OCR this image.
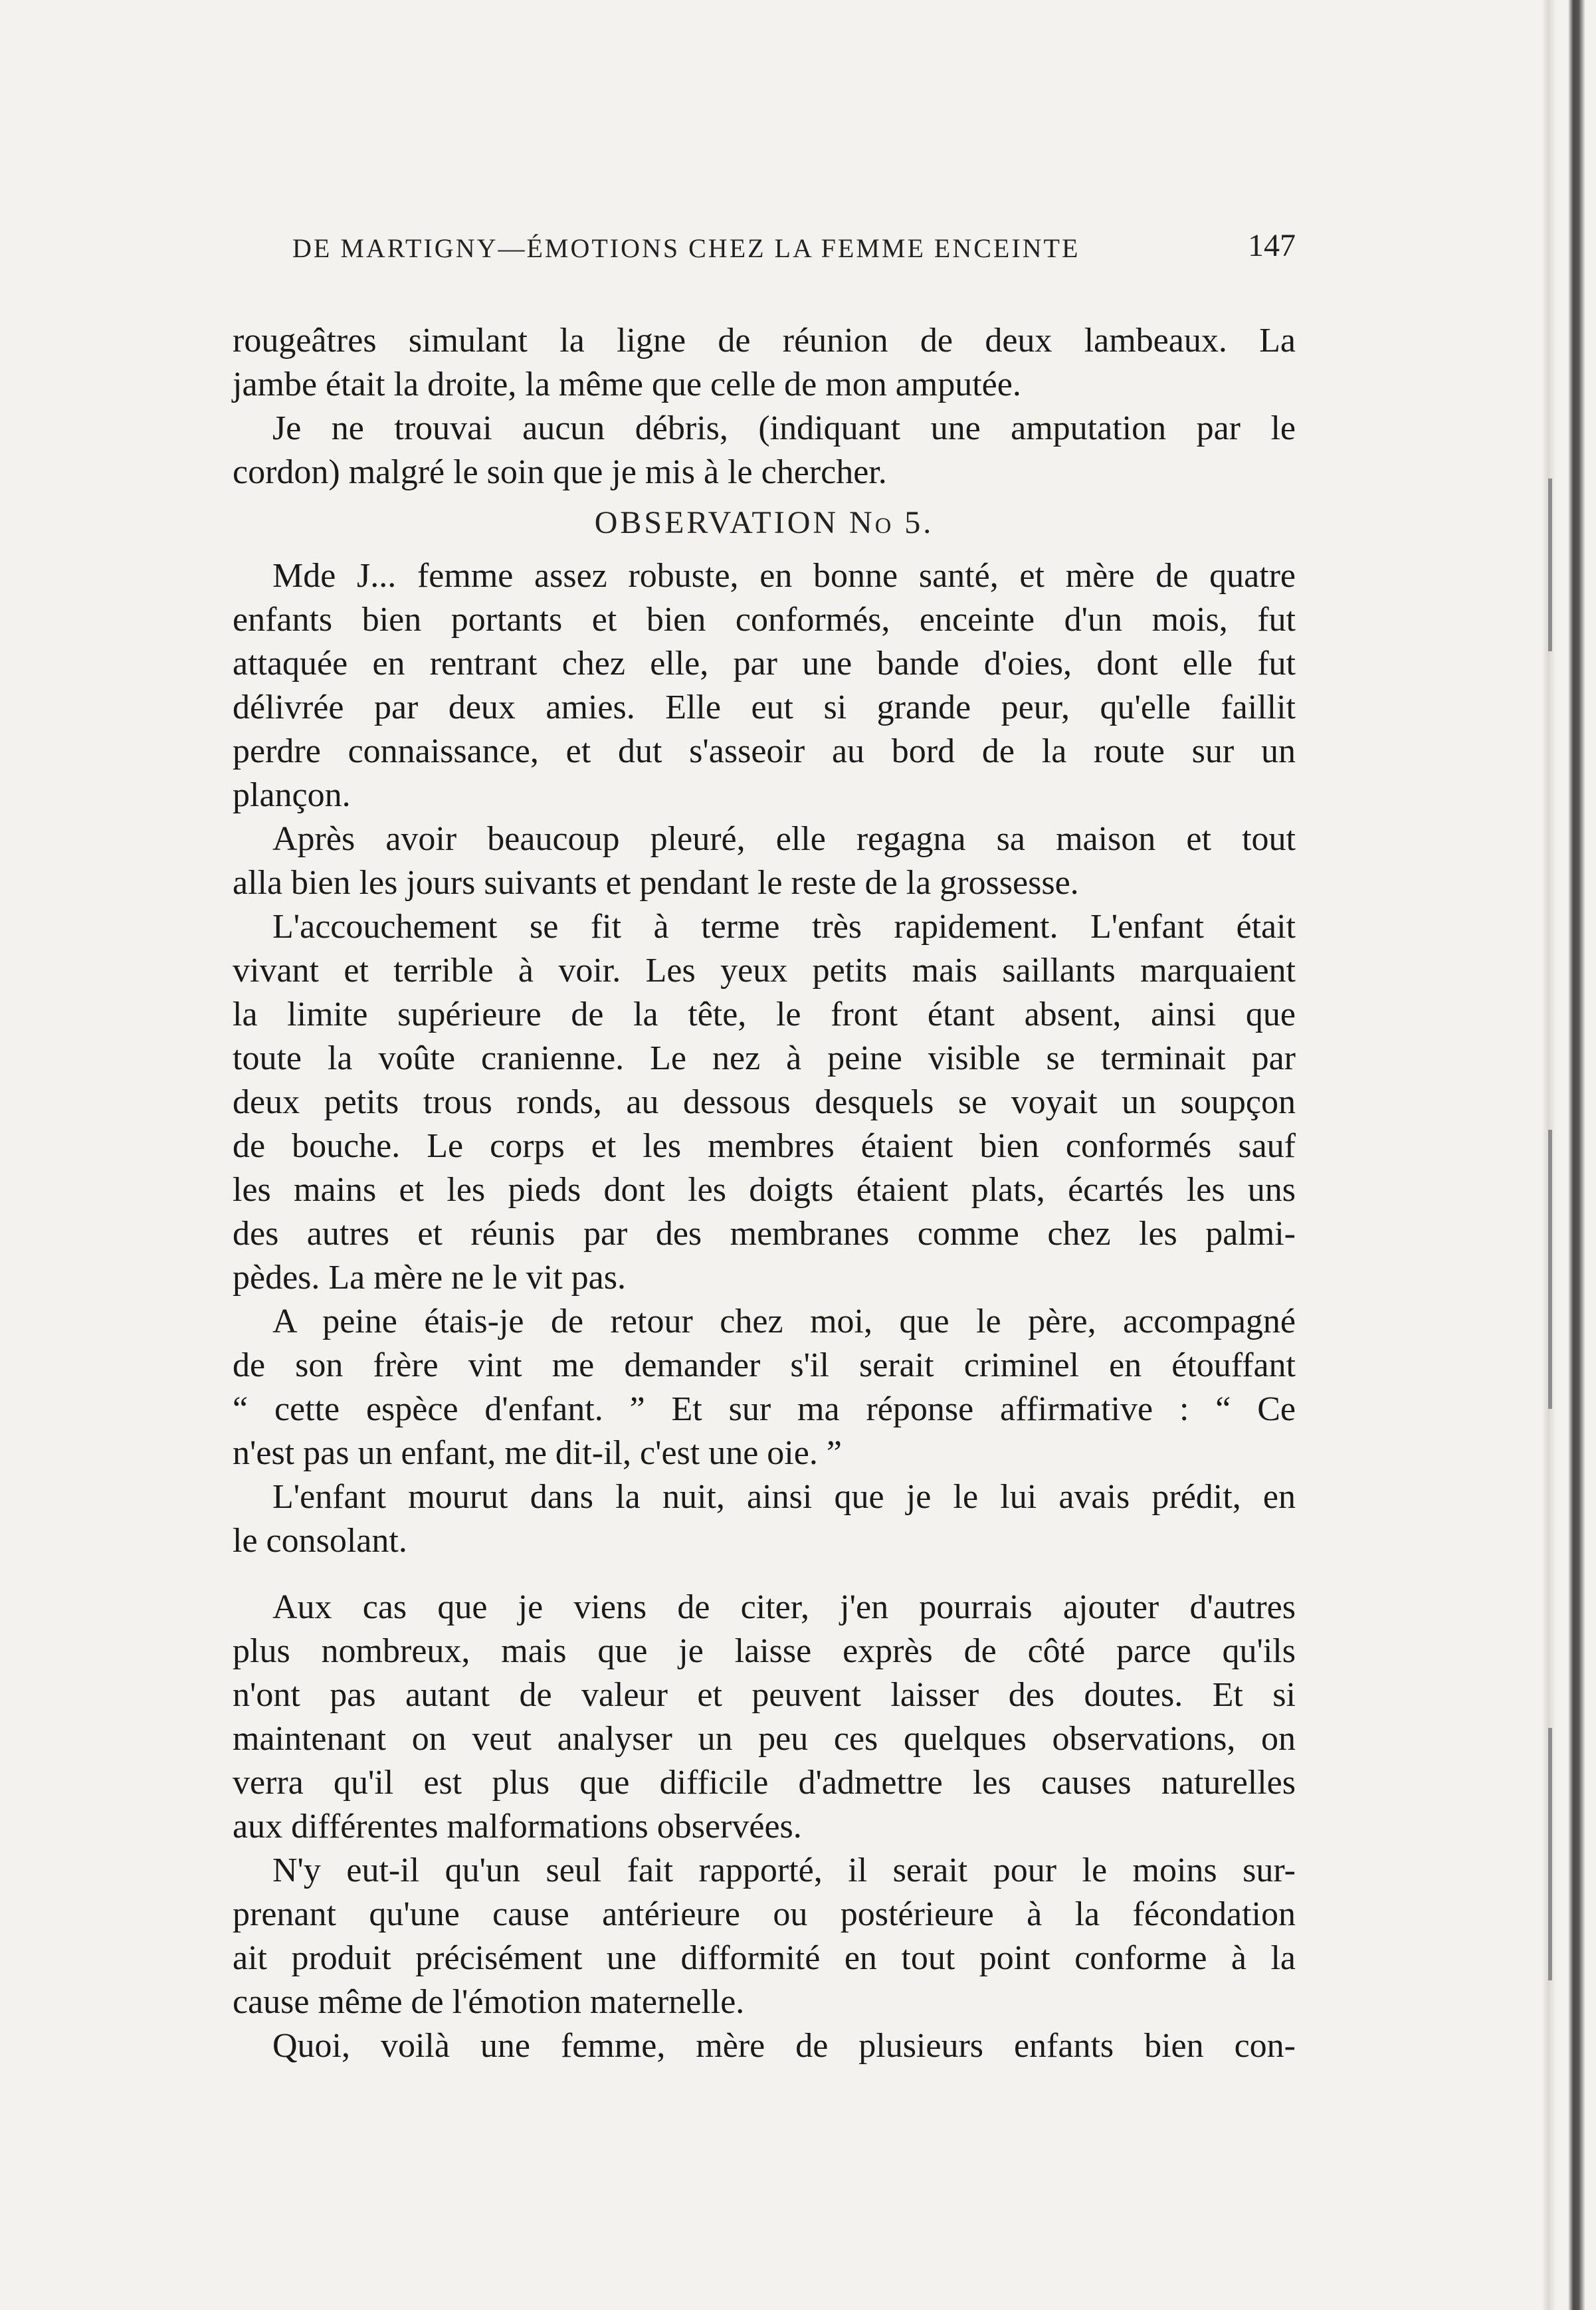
DE MARTIGNY—ÉMOTIONS CHEZ LA FEMME ENCEINTE	147
rougeâtres simulant la ligne de réunion de deux lambeaux. La
jambe était la droite, la même que celle de mon amputée.
Je ne trouvai aucun débris, (indiquant une amputation par le
cordon) malgré le soin que je mis à le chercher.
OBSERVATION No 5.
Mde J... femme assez robuste, en bonne santé, et mère de quatre
enfants bien portants et bien conformés, enceinte d'un mois, fut
attaquée en rentrant chez elle, par une bande d'oies, dont elle fut
délivrée par deux amies. Elle eut si grande peur, qu'elle faillit
perdre connaissance, et dut s'asseoir au bord de la route sur un
plançon.
Après avoir beaucoup pleuré, elle regagna sa maison et tout
alla bien les jours suivants et pendant le reste de la grossesse.
L'accouchement se fit à terme très rapidement. L'enfant était
vivant et terrible à voir. Les yeux petits mais saillants marquaient
la limite supérieure de la tête, le front étant absent, ainsi que
toute la voûte cranienne. Le nez à peine visible se terminait par
deux petits trous ronds, au dessous desquels se voyait un soupçon
de bouche. Le corps et les membres étaient bien conformés sauf
les mains et les pieds dont les doigts étaient plats, écartés les uns
des autres et réunis par des membranes comme chez les palmi-
pèdes. La mère ne le vit pas.
A peine étais-je de retour chez moi, que le père, accompagné
de son frère vint me demander s'il serait criminel en étouffant
“ cette espèce d'enfant. ” Et sur ma réponse affirmative : “ Ce
n'est pas un enfant, me dit-il, c'est une oie. ”
L'enfant mourut dans la nuit, ainsi que je le lui avais prédit, en
le consolant.
Aux cas que je viens de citer, j'en pourrais ajouter d'autres
plus nombreux, mais que je laisse exprès de côté parce qu'ils
n'ont pas autant de valeur et peuvent laisser des doutes. Et si
maintenant on veut analyser un peu ces quelques observations, on
verra qu'il est plus que difficile d'admettre les causes naturelles
aux différentes malformations observées.
N'y eut-il qu'un seul fait rapporté, il serait pour le moins sur-
prenant qu'une cause antérieure ou postérieure à la fécondation
ait produit précisément une difformité en tout point conforme à la
cause même de l'émotion maternelle.
Quoi, voilà une femme, mère de plusieurs enfants bien con-
